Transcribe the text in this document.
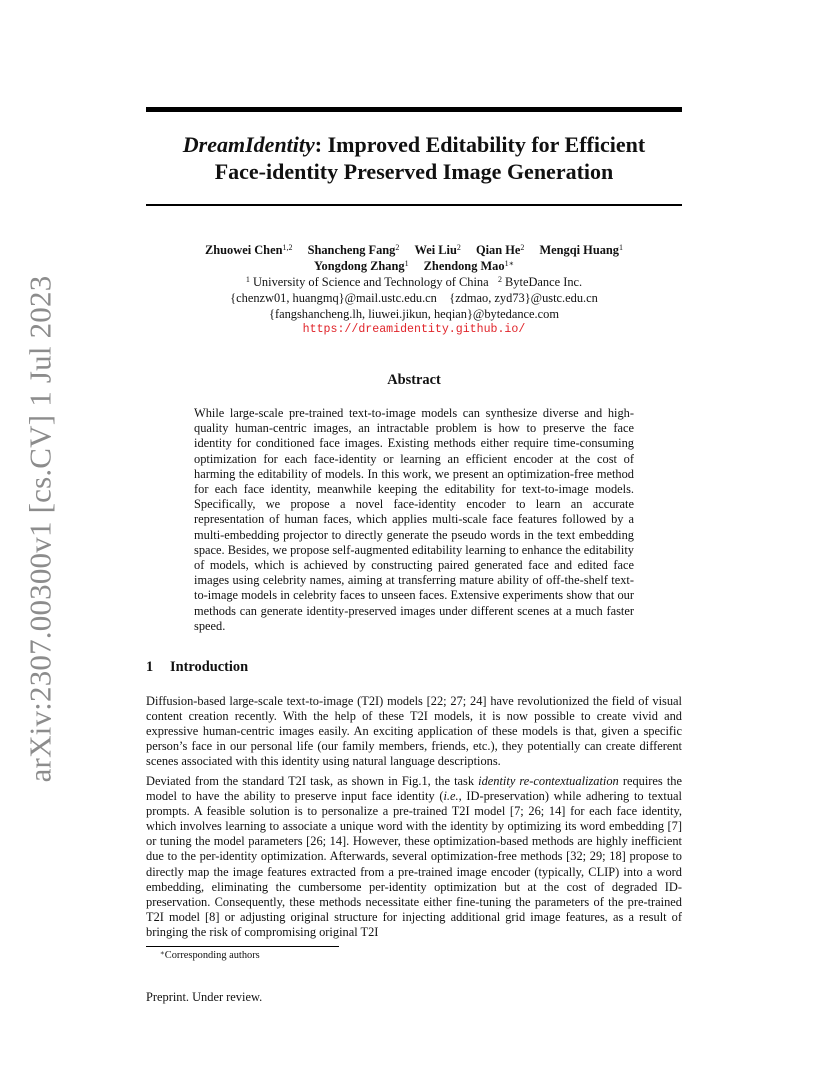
arXiv:2307.00300v1 [cs.CV] 1 Jul 2023
DreamIdentity: Improved Editability for Efficient
Face-identity Preserved Image Generation
Zhuowei Chen$^{1,2}$ Shancheng Fang$^2$ Wei Liu$^2$ Qian He$^2$ Mengqi Huang$^1$
Yongdong Zhang$^1$ Zhendong Mao$^{1∗}$
$^1$ University of Science and Technology of China $^2$ ByteDance Inc.
{chenzw01, huangmq}@mail.ustc.edu.cn {zdmao, zyd73}@ustc.edu.cn
{fangshancheng.lh, liuwei.jikun, heqian}@bytedance.com
https://dreamidentity.github.io/
Abstract

While large-scale pre-trained text-to-image models can synthesize diverse and high-quality human-centric images, an intractable problem is how to preserve the face identity for conditioned face images. Existing methods either require time-consuming optimization for each face-identity or learning an efficient encoder at the cost of harming the editability of models. In this work, we present an optimization-free method for each face identity, meanwhile keeping the editability for text-to-image models. Specifically, we propose a novel face-identity encoder to learn an accurate representation of human faces, which applies multi-scale face features followed by a multi-embedding projector to directly generate the pseudo words in the text embedding space. Besides, we propose self-augmented editability learning to enhance the editability of models, which is achieved by constructing paired generated face and edited face images using celebrity names, aiming at transferring mature ability of off-the-shelf text-to-image models in celebrity faces to unseen faces. Extensive experiments show that our methods can generate identity-preserved images under different scenes at a much faster speed.

1 Introduction

Diffusion-based large-scale text-to-image (T2I) models [22; 27; 24] have revolutionized the field of visual content creation recently. With the help of these T2I models, it is now possible to create vivid and expressive human-centric images easily. An exciting application of these models is that, given a specific person’s face in our personal life (our family members, friends, etc.), they potentially can create different scenes associated with this identity using natural language descriptions.

Deviated from the standard T2I task, as shown in Fig.1, the task identity re-contextualization requires the model to have the ability to preserve input face identity (i.e., ID-preservation) while adhering to textual prompts. A feasible solution is to personalize a pre-trained T2I model [7; 26; 14] for each face identity, which involves learning to associate a unique word with the identity by optimizing its word embedding [7] or tuning the model parameters [26; 14]. However, these optimization-based methods are highly inefficient due to the per-identity optimization. Afterwards, several optimization-free methods [32; 29; 18] propose to directly map the image features extracted from a pre-trained image encoder (typically, CLIP) into a word embedding, eliminating the cumbersome per-identity optimization but at the cost of degraded ID-preservation. Consequently, these methods necessitate either fine-tuning the parameters of the pre-trained T2I model [8] or adjusting original structure for injecting additional grid image features, as a result of bringing the risk of compromising original T2I

∗Corresponding authors
Preprint. Under review.
